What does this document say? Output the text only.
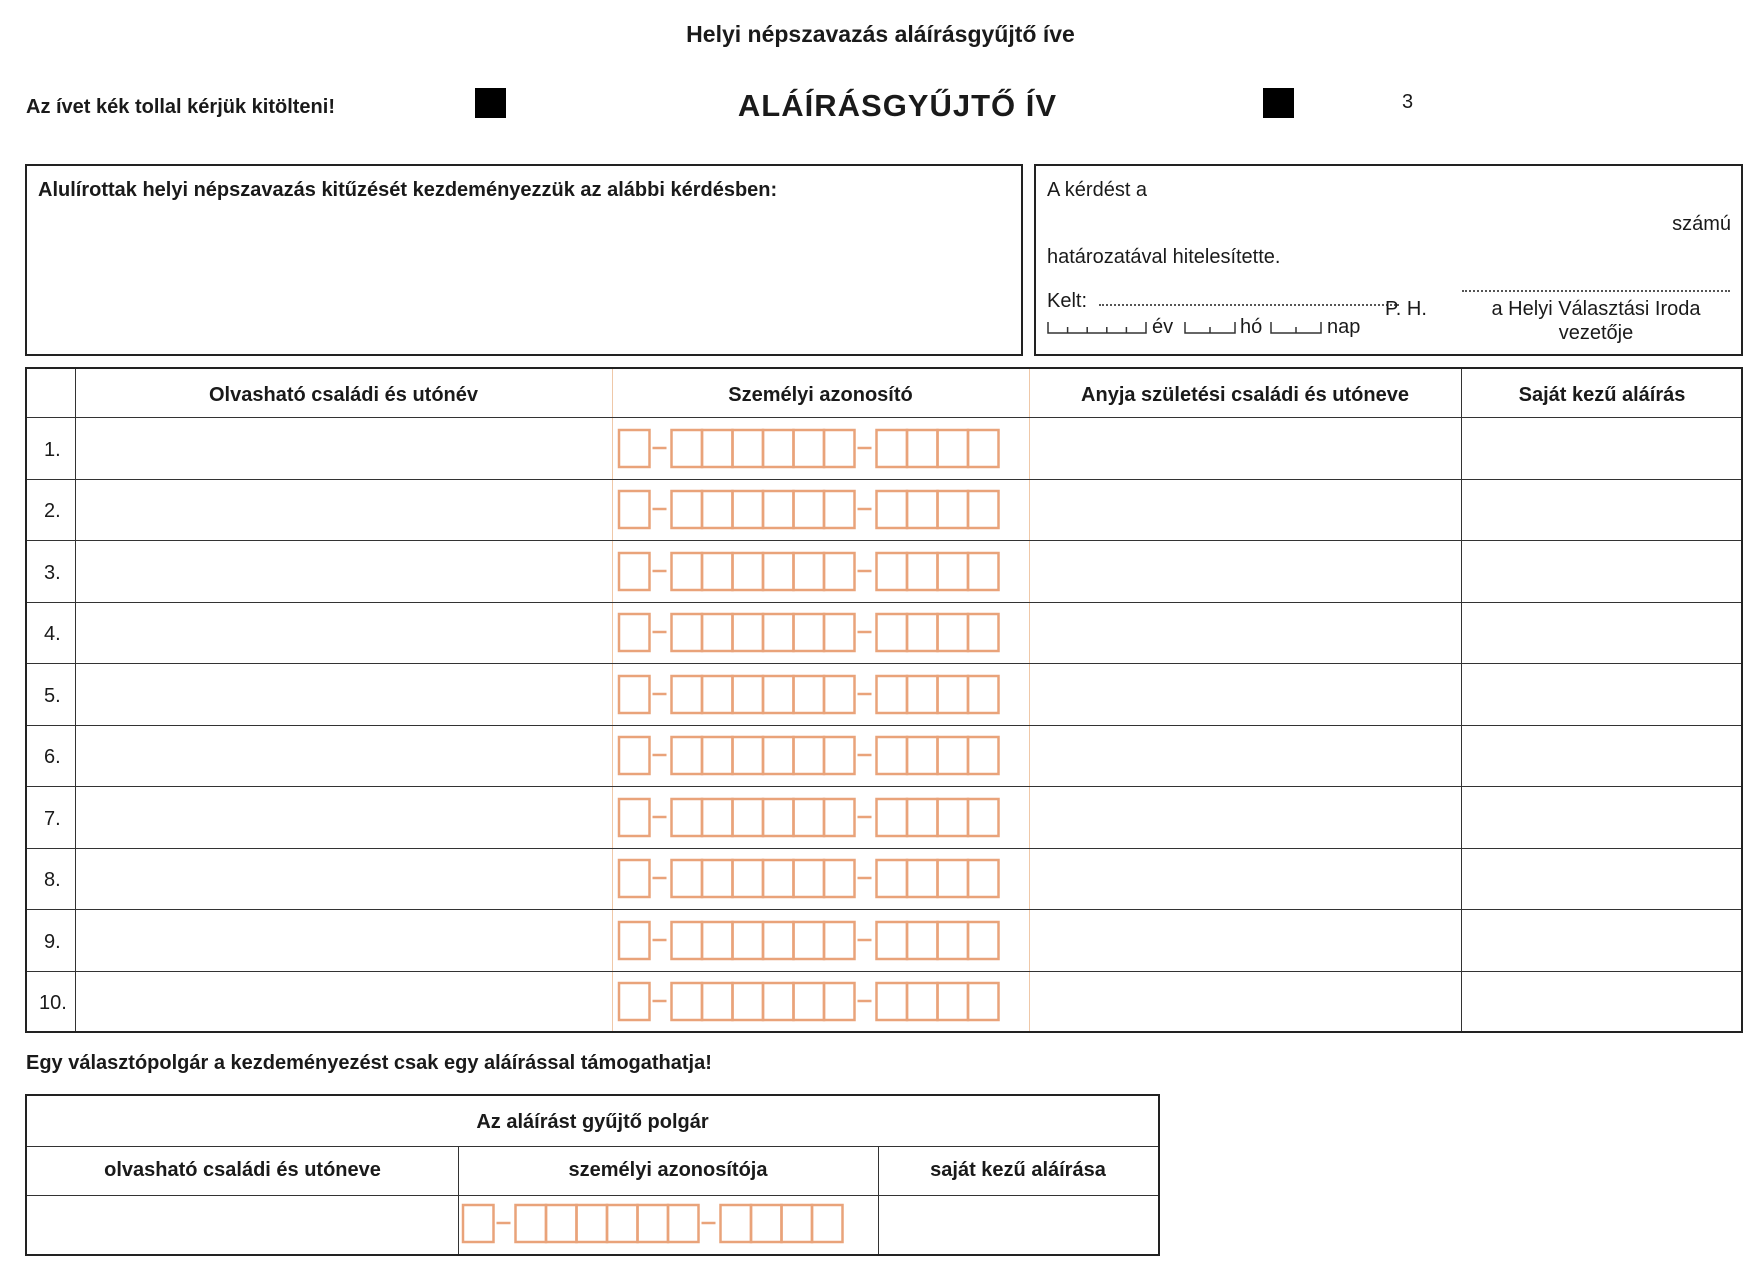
Helyi népszavazás aláírásgyűjtő íve
Az ívet kék tollal kérjük kitölteni!	ALÁÍRÁSGYŰJTŐ ÍV	3
Alulírottak helyi népszavazás kitűzését kezdeményezzük az alábbi kérdésben:	A kérdést a
számú
határozatával hitelesítette.
Kelt:
év	hó	nap
P. H.	a Helyi Választási Iroda
vezetője
Olvasható családi és utónév	Személyi azonosító	Anyja születési családi és utóneve	Saját kezű aláírás
1.
2.
3.
4.
5.
6.
7.
8.
9.
10.
Egy választópolgár a kezdeményezést csak egy aláírással támogathatja!
Az aláírást gyűjtő polgár
olvasható családi és utóneve	személyi azonosítója	saját kezű aláírása
